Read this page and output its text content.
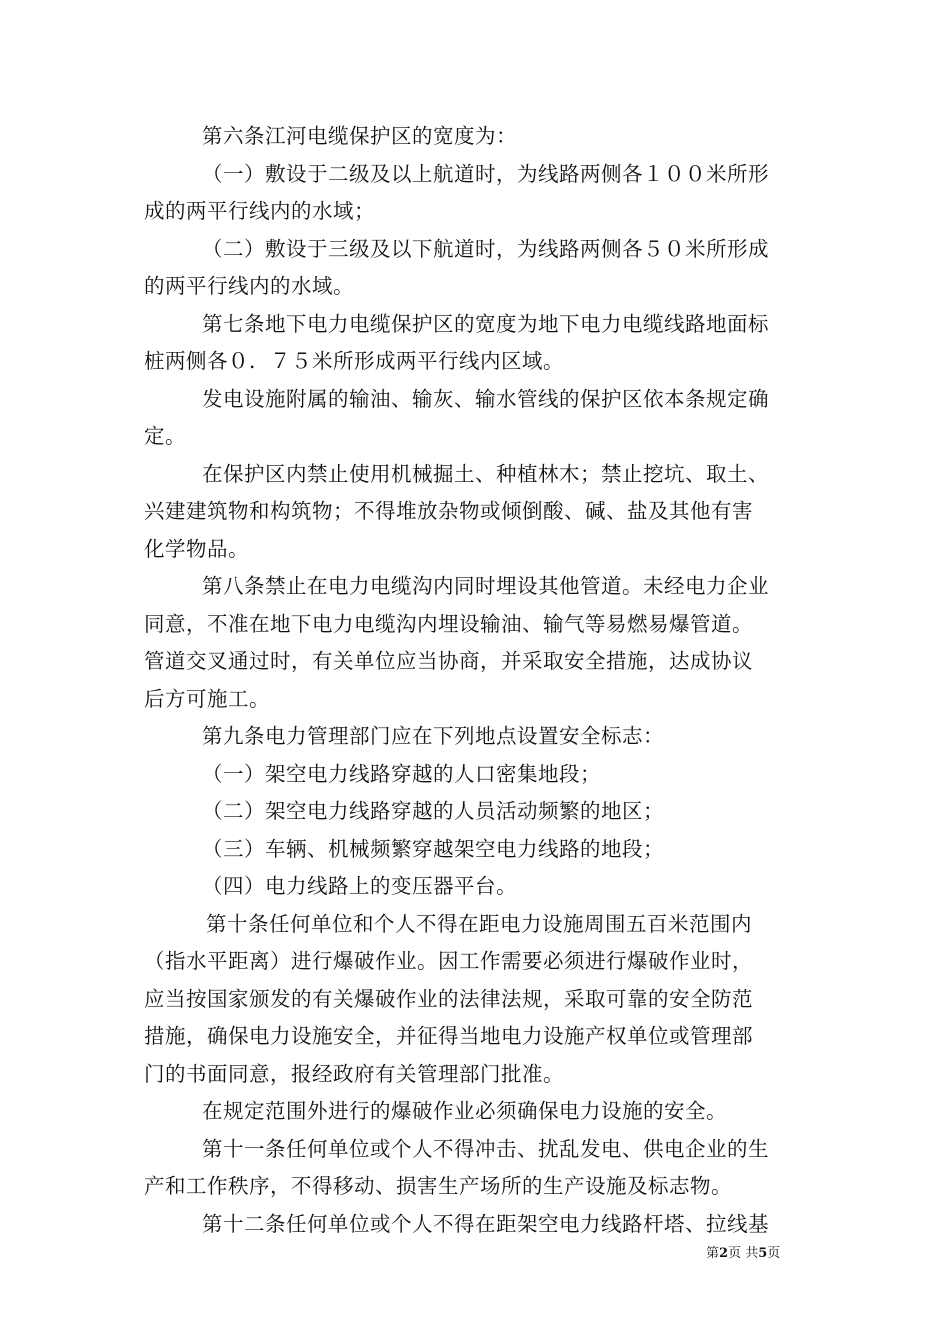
第六条江河电缆保护区的宽度为：
（一）敷设于二级及以上航道时，为线路两侧各１００米所形
成的两平行线内的水域；
（二）敷设于三级及以下航道时，为线路两侧各５０米所形成
的两平行线内的水域。
第七条地下电力电缆保护区的宽度为地下电力电缆线路地面标
桩两侧各０．７５米所形成两平行线内区域。
发电设施附属的输油、输灰、输水管线的保护区依本条规定确
定。
在保护区内禁止使用机械掘土、种植林木；禁止挖坑、取土、
兴建建筑物和构筑物；不得堆放杂物或倾倒酸、碱、盐及其他有害
化学物品。
第八条禁止在电力电缆沟内同时埋设其他管道。未经电力企业
同意，不准在地下电力电缆沟内埋设输油、输气等易燃易爆管道。
管道交叉通过时，有关单位应当协商，并采取安全措施，达成协议
后方可施工。
第九条电力管理部门应在下列地点设置安全标志：
（一）架空电力线路穿越的人口密集地段；
（二）架空电力线路穿越的人员活动频繁的地区；
（三）车辆、机械频繁穿越架空电力线路的地段；
（四）电力线路上的变压器平台。
第十条任何单位和个人不得在距电力设施周围五百米范围内
（指水平距离）进行爆破作业。因工作需要必须进行爆破作业时，
应当按国家颁发的有关爆破作业的法律法规，采取可靠的安全防范
措施，确保电力设施安全，并征得当地电力设施产权单位或管理部
门的书面同意，报经政府有关管理部门批准。
在规定范围外进行的爆破作业必须确保电力设施的安全。
第十一条任何单位或个人不得冲击、扰乱发电、供电企业的生
产和工作秩序，不得移动、损害生产场所的生产设施及标志物。
第十二条任何单位或个人不得在距架空电力线路杆塔、拉线基
第2页 共5页
